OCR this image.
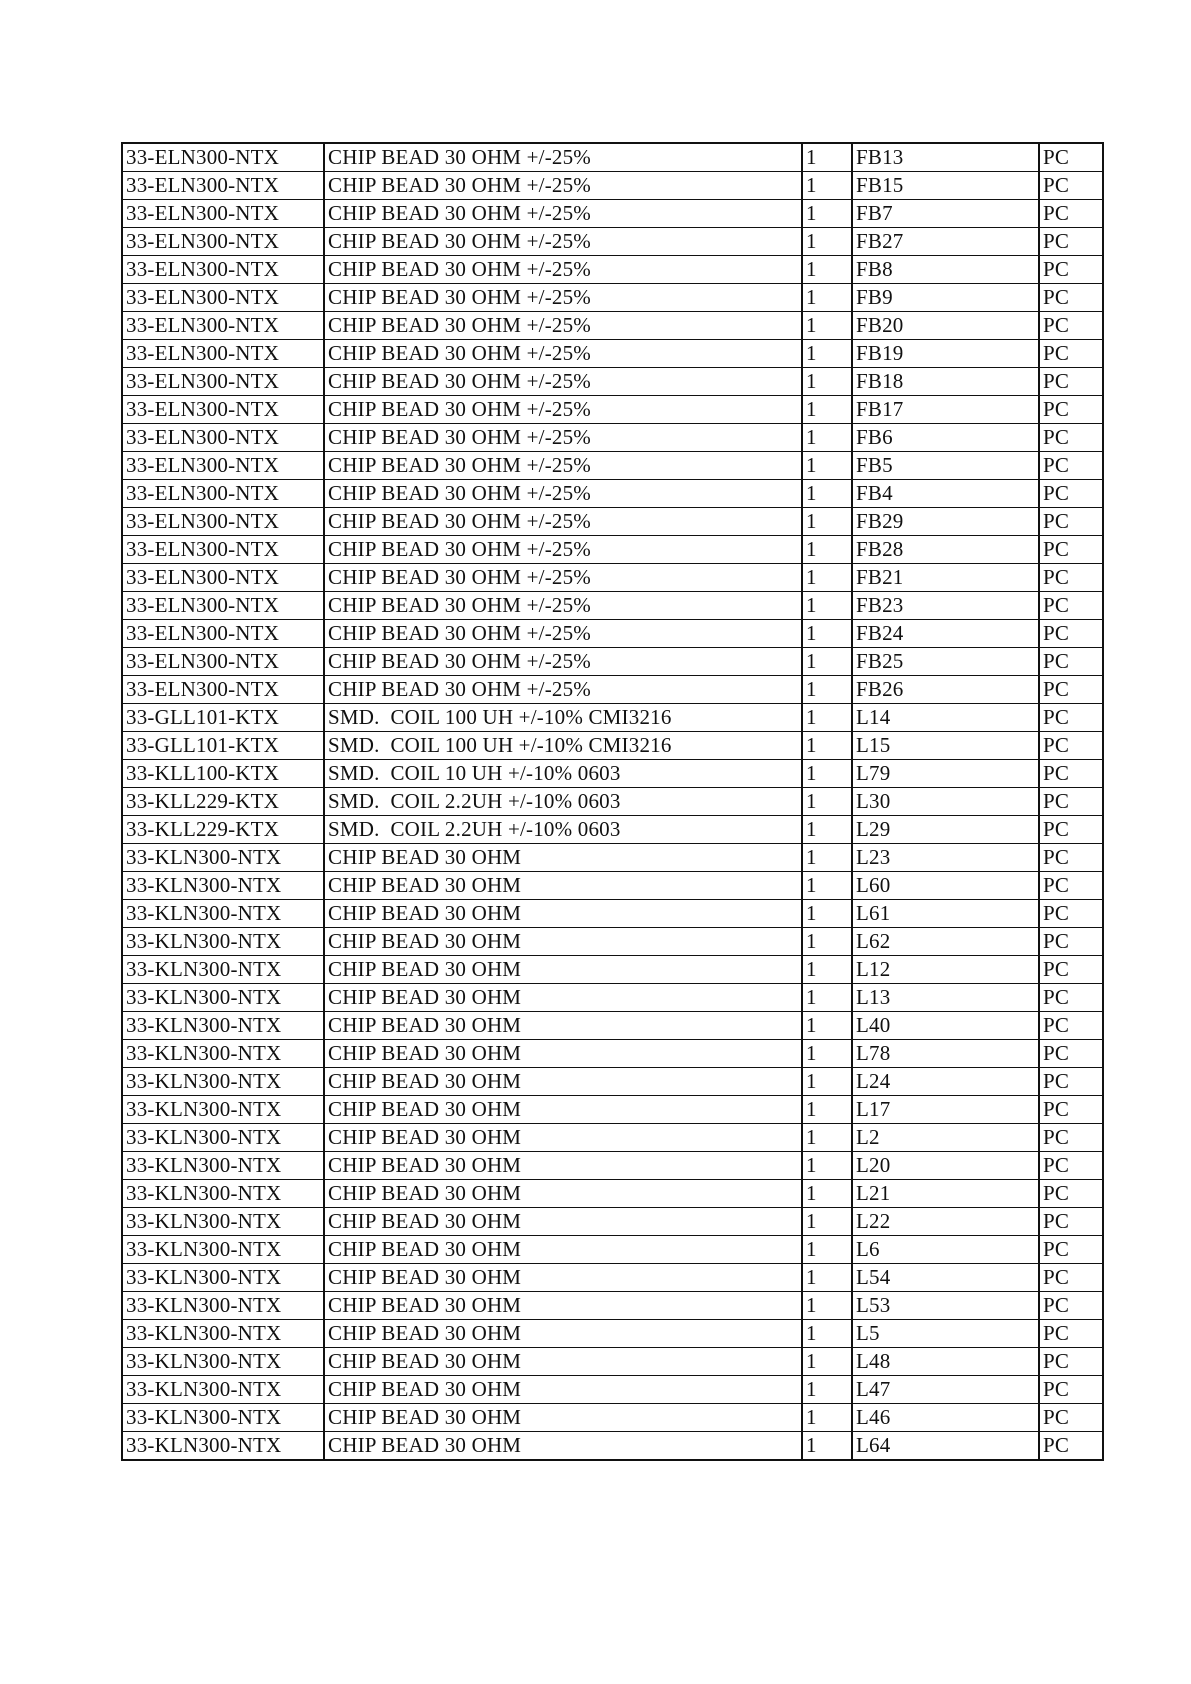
33-ELN300-NTX	CHIP BEAD 30 OHM +/-25%	1	FB13	PC
33-ELN300-NTX	CHIP BEAD 30 OHM +/-25%	1	FB15	PC
33-ELN300-NTX	CHIP BEAD 30 OHM +/-25%	1	FB7	PC
33-ELN300-NTX	CHIP BEAD 30 OHM +/-25%	1	FB27	PC
33-ELN300-NTX	CHIP BEAD 30 OHM +/-25%	1	FB8	PC
33-ELN300-NTX	CHIP BEAD 30 OHM +/-25%	1	FB9	PC
33-ELN300-NTX	CHIP BEAD 30 OHM +/-25%	1	FB20	PC
33-ELN300-NTX	CHIP BEAD 30 OHM +/-25%	1	FB19	PC
33-ELN300-NTX	CHIP BEAD 30 OHM +/-25%	1	FB18	PC
33-ELN300-NTX	CHIP BEAD 30 OHM +/-25%	1	FB17	PC
33-ELN300-NTX	CHIP BEAD 30 OHM +/-25%	1	FB6	PC
33-ELN300-NTX	CHIP BEAD 30 OHM +/-25%	1	FB5	PC
33-ELN300-NTX	CHIP BEAD 30 OHM +/-25%	1	FB4	PC
33-ELN300-NTX	CHIP BEAD 30 OHM +/-25%	1	FB29	PC
33-ELN300-NTX	CHIP BEAD 30 OHM +/-25%	1	FB28	PC
33-ELN300-NTX	CHIP BEAD 30 OHM +/-25%	1	FB21	PC
33-ELN300-NTX	CHIP BEAD 30 OHM +/-25%	1	FB23	PC
33-ELN300-NTX	CHIP BEAD 30 OHM +/-25%	1	FB24	PC
33-ELN300-NTX	CHIP BEAD 30 OHM +/-25%	1	FB25	PC
33-ELN300-NTX	CHIP BEAD 30 OHM +/-25%	1	FB26	PC
33-GLL101-KTX	SMD.  COIL 100 UH +/-10% CMI3216	1	L14	PC
33-GLL101-KTX	SMD.  COIL 100 UH +/-10% CMI3216	1	L15	PC
33-KLL100-KTX	SMD.  COIL 10 UH +/-10% 0603	1	L79	PC
33-KLL229-KTX	SMD.  COIL 2.2UH +/-10% 0603	1	L30	PC
33-KLL229-KTX	SMD.  COIL 2.2UH +/-10% 0603	1	L29	PC
33-KLN300-NTX	CHIP BEAD 30 OHM	1	L23	PC
33-KLN300-NTX	CHIP BEAD 30 OHM	1	L60	PC
33-KLN300-NTX	CHIP BEAD 30 OHM	1	L61	PC
33-KLN300-NTX	CHIP BEAD 30 OHM	1	L62	PC
33-KLN300-NTX	CHIP BEAD 30 OHM	1	L12	PC
33-KLN300-NTX	CHIP BEAD 30 OHM	1	L13	PC
33-KLN300-NTX	CHIP BEAD 30 OHM	1	L40	PC
33-KLN300-NTX	CHIP BEAD 30 OHM	1	L78	PC
33-KLN300-NTX	CHIP BEAD 30 OHM	1	L24	PC
33-KLN300-NTX	CHIP BEAD 30 OHM	1	L17	PC
33-KLN300-NTX	CHIP BEAD 30 OHM	1	L2	PC
33-KLN300-NTX	CHIP BEAD 30 OHM	1	L20	PC
33-KLN300-NTX	CHIP BEAD 30 OHM	1	L21	PC
33-KLN300-NTX	CHIP BEAD 30 OHM	1	L22	PC
33-KLN300-NTX	CHIP BEAD 30 OHM	1	L6	PC
33-KLN300-NTX	CHIP BEAD 30 OHM	1	L54	PC
33-KLN300-NTX	CHIP BEAD 30 OHM	1	L53	PC
33-KLN300-NTX	CHIP BEAD 30 OHM	1	L5	PC
33-KLN300-NTX	CHIP BEAD 30 OHM	1	L48	PC
33-KLN300-NTX	CHIP BEAD 30 OHM	1	L47	PC
33-KLN300-NTX	CHIP BEAD 30 OHM	1	L46	PC
33-KLN300-NTX	CHIP BEAD 30 OHM	1	L64	PC
